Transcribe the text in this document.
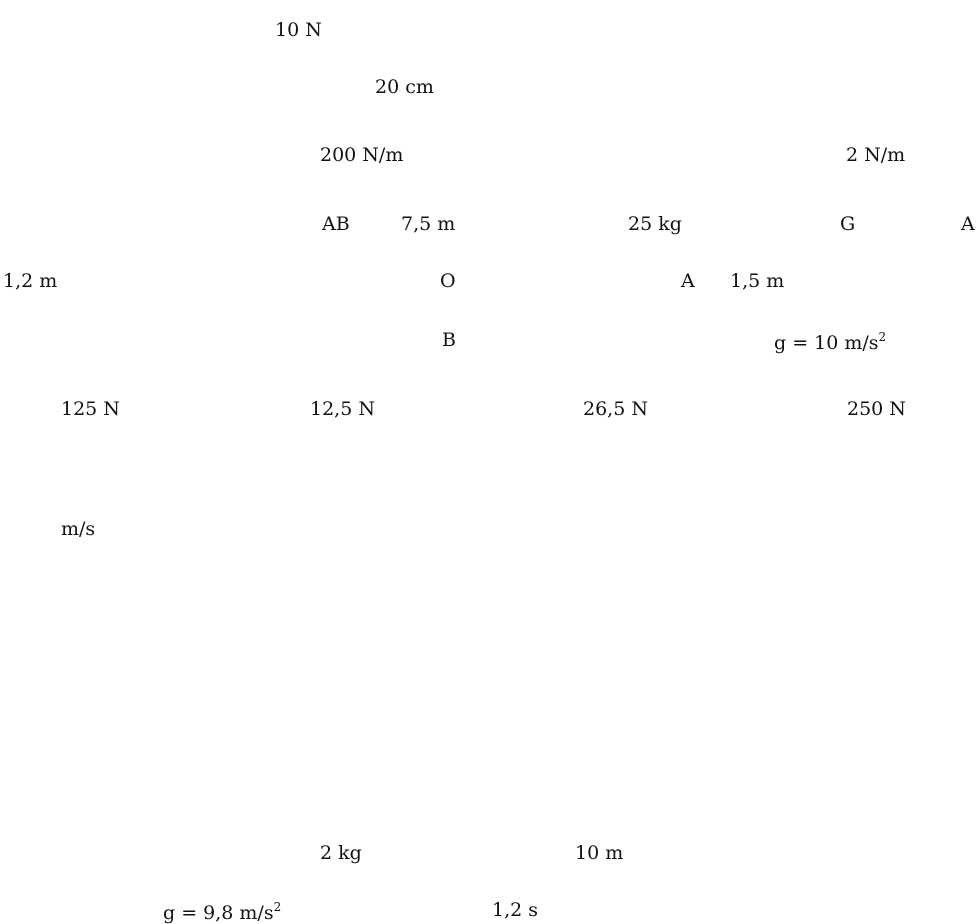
10 N
20 cm
200 N/m	2 N/m
AB	7,5 m	25 kg	G	A
1,2 m	O	A 1,5 m
B	g = 10 $m/s^2$
125 N	12,5 N	26,5 N	250 N
m/s
2 kg	10 m
g = 9,8 $m/s^2$	1,2 s
